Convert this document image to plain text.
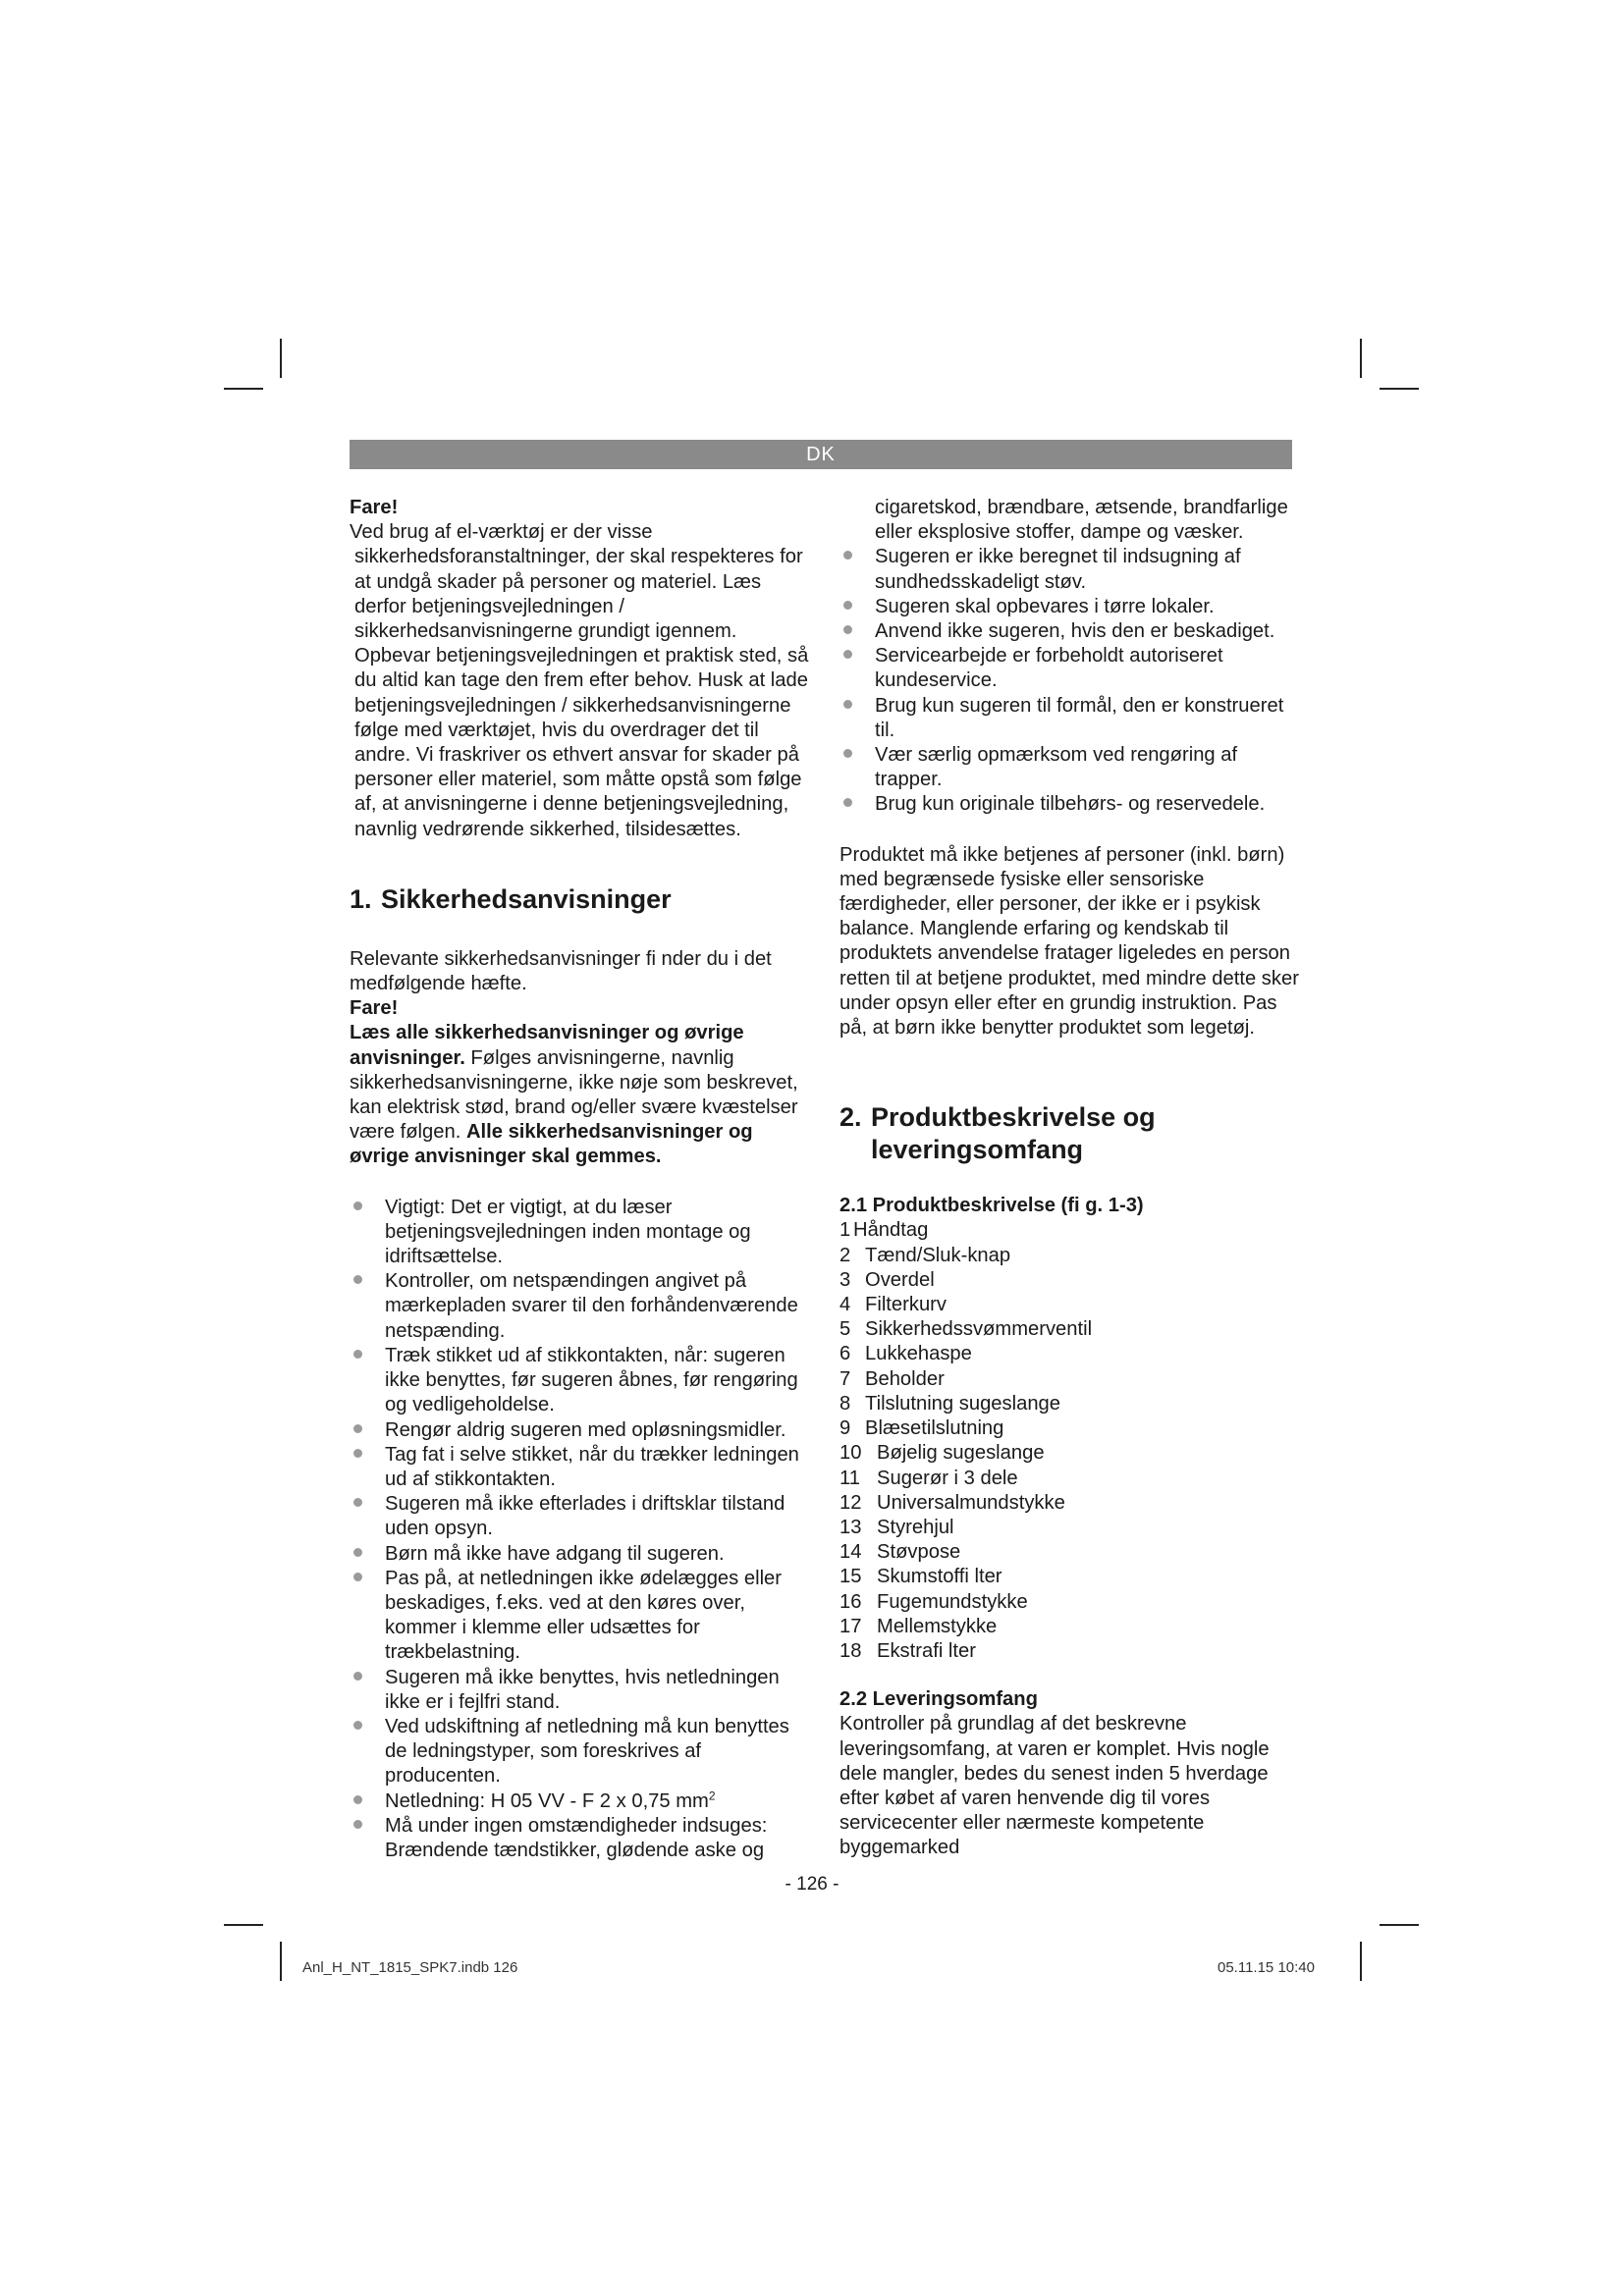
DK

Fare!

Ved brug af el-værktøj er der visse sikkerhedsforanstaltninger, der skal respekteres for at undgå skader på personer og materiel. Læs derfor betjeningsvejledningen / sikkerhedsanvisningerne grundigt igennem. Opbevar betjeningsvejledningen et praktisk sted, så du altid kan tage den frem efter behov. Husk at lade betjeningsvejledningen / sikkerhedsanvisningerne følge med værktøjet, hvis du overdrager det til andre. Vi fraskriver os ethvert ansvar for skader på personer eller materiel, som måtte opstå som følge af, at anvisningerne i denne betjeningsvejledning, navnlig vedrørende sikkerhed, tilsidesættes.

1. Sikkerhedsanvisninger

Relevante sikkerhedsanvisninger fi nder du i det medfølgende hæfte.

Fare!

Læs alle sikkerhedsanvisninger og øvrige anvisninger. Følges anvisningerne, navnlig sikkerhedsanvisningerne, ikke nøje som beskrevet, kan elektrisk stød, brand og/eller svære kvæstelser være følgen. Alle sikkerhedsanvisninger og øvrige anvisninger skal gemmes.

Vigtigt: Det er vigtigt, at du læser betjeningsvejledningen inden montage og idriftsættelse.
Kontroller, om netspændingen angivet på mærkepladen svarer til den forhåndenværende netspænding.
Træk stikket ud af stikkontakten, når: sugeren ikke benyttes, før sugeren åbnes, før rengøring og vedligeholdelse.
Rengør aldrig sugeren med opløsningsmidler.
Tag fat i selve stikket, når du trækker ledningen ud af stikkontakten.
Sugeren må ikke efterlades i driftsklar tilstand uden opsyn.
Børn må ikke have adgang til sugeren.
Pas på, at netledningen ikke ødelægges eller beskadiges, f.eks. ved at den køres over, kommer i klemme eller udsættes for trækbelastning.
Sugeren må ikke benyttes, hvis netledningen ikke er i fejlfri stand.
Ved udskiftning af netledning må kun benyttes de ledningstyper, som foreskrives af producenten.
Netledning: H 05 VV - F 2 x 0,75 $mm^2$
Må under ingen omstændigheder indsuges: Brændende tændstikker, glødende aske og

cigaretskod, brændbare, ætsende, brandfarlige eller eksplosive stoffer, dampe og væsker.

Sugeren er ikke beregnet til indsugning af sundhedsskadeligt støv.
Sugeren skal opbevares i tørre lokaler.
Anvend ikke sugeren, hvis den er beskadiget.
Servicearbejde er forbeholdt autoriseret kundeservice.
Brug kun sugeren til formål, den er konstrueret til.
Vær særlig opmærksom ved rengøring af trapper.
Brug kun originale tilbehørs- og reservedele.

Produktet må ikke betjenes af personer (inkl. børn) med begrænsede fysiske eller sensoriske færdigheder, eller personer, der ikke er i psykisk balance. Manglende erfaring og kendskab til produktets anvendelse fratager ligeledes en person retten til at betjene produktet, med mindre dette sker under opsyn eller efter en grundig instruktion. Pas på, at børn ikke benytter produktet som legetøj.

2. Produktbeskrivelse og
leveringsomfang
2.1 Produktbeskrivelse (fi g. 1-3)
1 Håndtag
2 Tænd/Sluk-knap
3 Overdel
4 Filterkurv
5 Sikkerhedssvømmerventil
6 Lukkehaspe
7 Beholder
8 Tilslutning sugeslange
9 Blæsetilslutning
10 Bøjelig sugeslange
11 Sugerør i 3 dele
12 Universalmundstykke
13 Styrehjul
14 Støvpose
15 Skumstoffi lter
16 Fugemundstykke
17 Mellemstykke
18 Ekstrafi lter
2.2 Leveringsomfang

Kontroller på grundlag af det beskrevne leveringsomfang, at varen er komplet. Hvis nogle dele mangler, bedes du senest inden 5 hverdage efter købet af varen henvende dig til vores servicecenter eller nærmeste kompetente byggemarked

- 126 -
Anl_H_NT_1815_SPK7.indb 126	05.11.15 10:40
